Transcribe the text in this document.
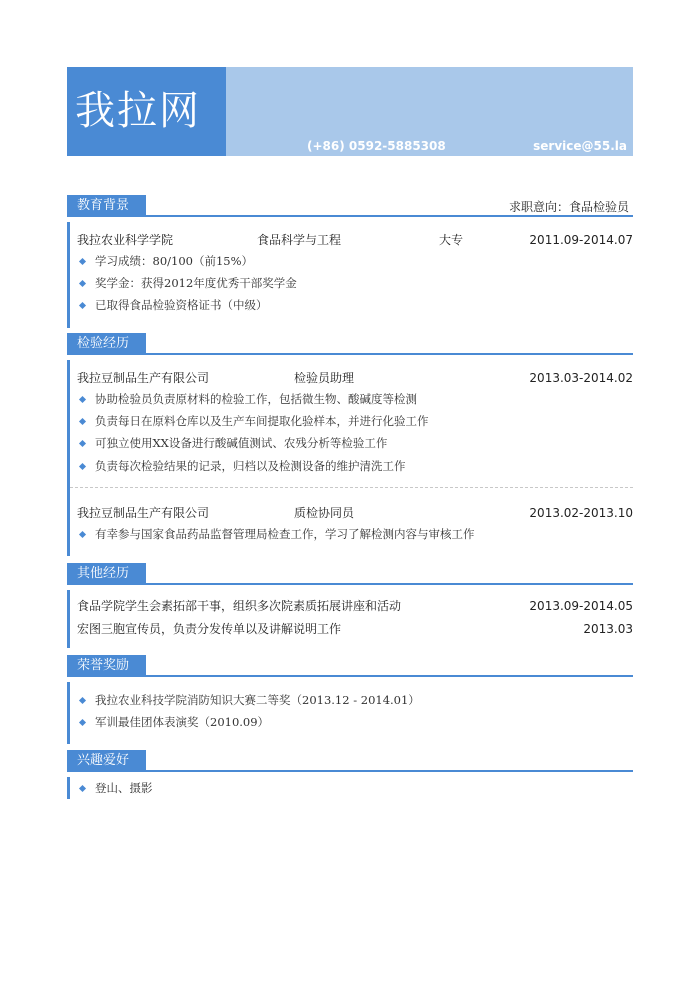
我拉网
(+86) 0592-5885308	service@55.la
教育背景	求职意向：食品检验员
我拉农业科学学院	食品科学与工程	大专	2011.09-2014.07
学习成绩：80/100（前15%）
奖学金：获得2012年度优秀干部奖学金
已取得食品检验资格证书（中级）
检验经历
我拉豆制品生产有限公司	检验员助理	2013.03-2014.02
协助检验员负责原材料的检验工作，包括微生物、酸碱度等检测
负责每日在原料仓库以及生产车间提取化验样本，并进行化验工作
可独立使用XX设备进行酸碱值测试、农残分析等检验工作
负责每次检验结果的记录，归档以及检测设备的维护清洗工作
我拉豆制品生产有限公司	质检协同员	2013.02-2013.10
有幸参与国家食品药品监督管理局检查工作，学习了解检测内容与审核工作
其他经历
食品学院学生会素拓部干事，组织多次院素质拓展讲座和活动	2013.09-2014.05
宏图三胞宣传员，负责分发传单以及讲解说明工作	2013.03
荣誉奖励
我拉农业科技学院消防知识大赛二等奖（2013.12 - 2014.01）
军训最佳团体表演奖（2010.09）
兴趣爱好
登山、摄影
